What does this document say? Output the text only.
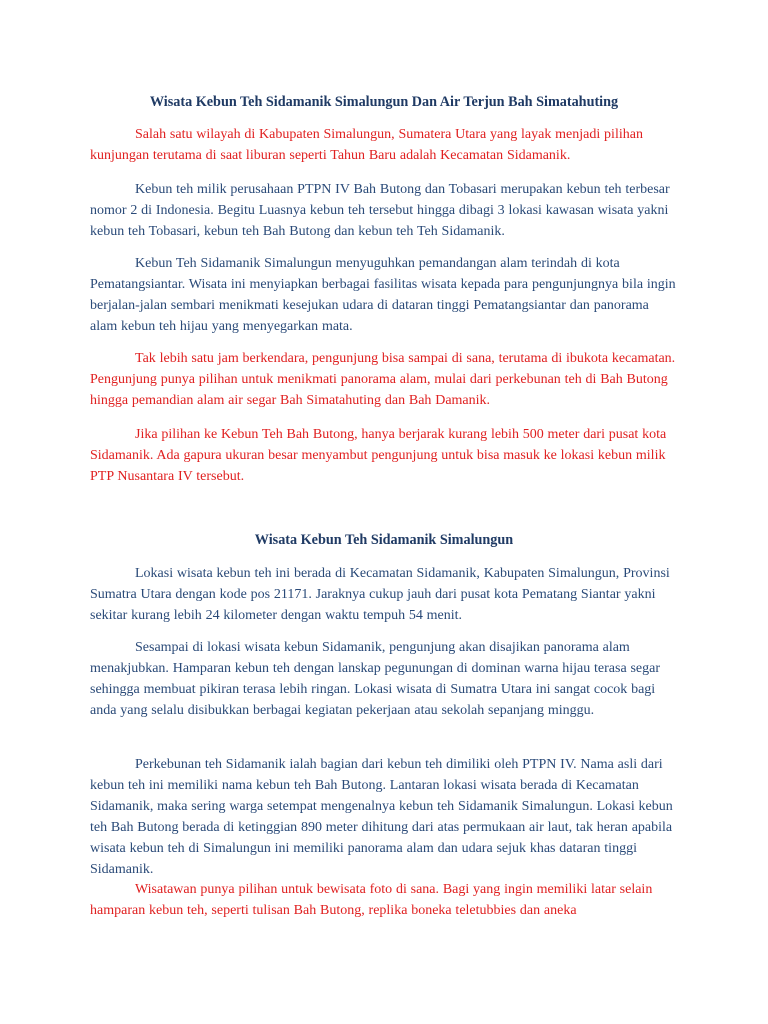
Wisata Kebun Teh Sidamanik Simalungun Dan Air Terjun Bah Simatahuting

Salah satu wilayah di Kabupaten Simalungun, Sumatera Utara yang layak menjadi pilihan kunjungan terutama di saat liburan seperti Tahun Baru adalah Kecamatan Sidamanik.

Kebun teh milik perusahaan PTPN IV Bah Butong dan Tobasari merupakan kebun teh terbesar nomor 2 di Indonesia. Begitu Luasnya kebun teh tersebut hingga dibagi 3 lokasi kawasan wisata yakni kebun teh Tobasari, kebun teh Bah Butong dan kebun teh Teh Sidamanik.

Kebun Teh Sidamanik Simalungun menyuguhkan pemandangan alam terindah di kota Pematangsiantar. Wisata ini menyiapkan berbagai fasilitas wisata kepada para pengunjungnya bila ingin berjalan-jalan sembari menikmati kesejukan udara di dataran tinggi Pematangsiantar dan panorama alam kebun teh hijau yang menyegarkan mata.

Tak lebih satu jam berkendara, pengunjung bisa sampai di sana, terutama di ibukota kecamatan. Pengunjung punya pilihan untuk menikmati panorama alam, mulai dari perkebunan teh di Bah Butong hingga pemandian alam air segar Bah Simatahuting dan Bah Damanik.

Jika pilihan ke Kebun Teh Bah Butong, hanya berjarak kurang lebih 500 meter dari pusat kota Sidamanik. Ada gapura ukuran besar menyambut pengunjung untuk bisa masuk ke lokasi kebun milik PTP Nusantara IV tersebut.

Wisata Kebun Teh Sidamanik Simalungun

Lokasi wisata kebun teh ini berada di Kecamatan Sidamanik, Kabupaten Simalungun, Provinsi Sumatra Utara dengan kode pos 21171. Jaraknya cukup jauh dari pusat kota Pematang Siantar yakni sekitar kurang lebih 24 kilometer dengan waktu tempuh 54 menit.

Sesampai di lokasi wisata kebun Sidamanik, pengunjung akan disajikan panorama alam menakjubkan. Hamparan kebun teh dengan lanskap pegunungan di dominan warna hijau terasa segar sehingga membuat pikiran terasa lebih ringan. Lokasi wisata di Sumatra Utara ini sangat cocok bagi anda yang selalu disibukkan berbagai kegiatan pekerjaan atau sekolah sepanjang minggu.

Perkebunan teh Sidamanik ialah bagian dari kebun teh dimiliki oleh PTPN IV. Nama asli dari kebun teh ini memiliki nama kebun teh Bah Butong. Lantaran lokasi wisata berada di Kecamatan Sidamanik, maka sering warga setempat mengenalnya kebun teh Sidamanik Simalungun. Lokasi kebun teh Bah Butong berada di ketinggian 890 meter dihitung dari atas permukaan air laut, tak heran apabila wisata kebun teh di Simalungun ini memiliki panorama alam dan udara sejuk khas dataran tinggi Sidamanik.

Wisatawan punya pilihan untuk bewisata foto di sana. Bagi yang ingin memiliki latar selain hamparan kebun teh, seperti tulisan Bah Butong, replika boneka teletubbies dan aneka
